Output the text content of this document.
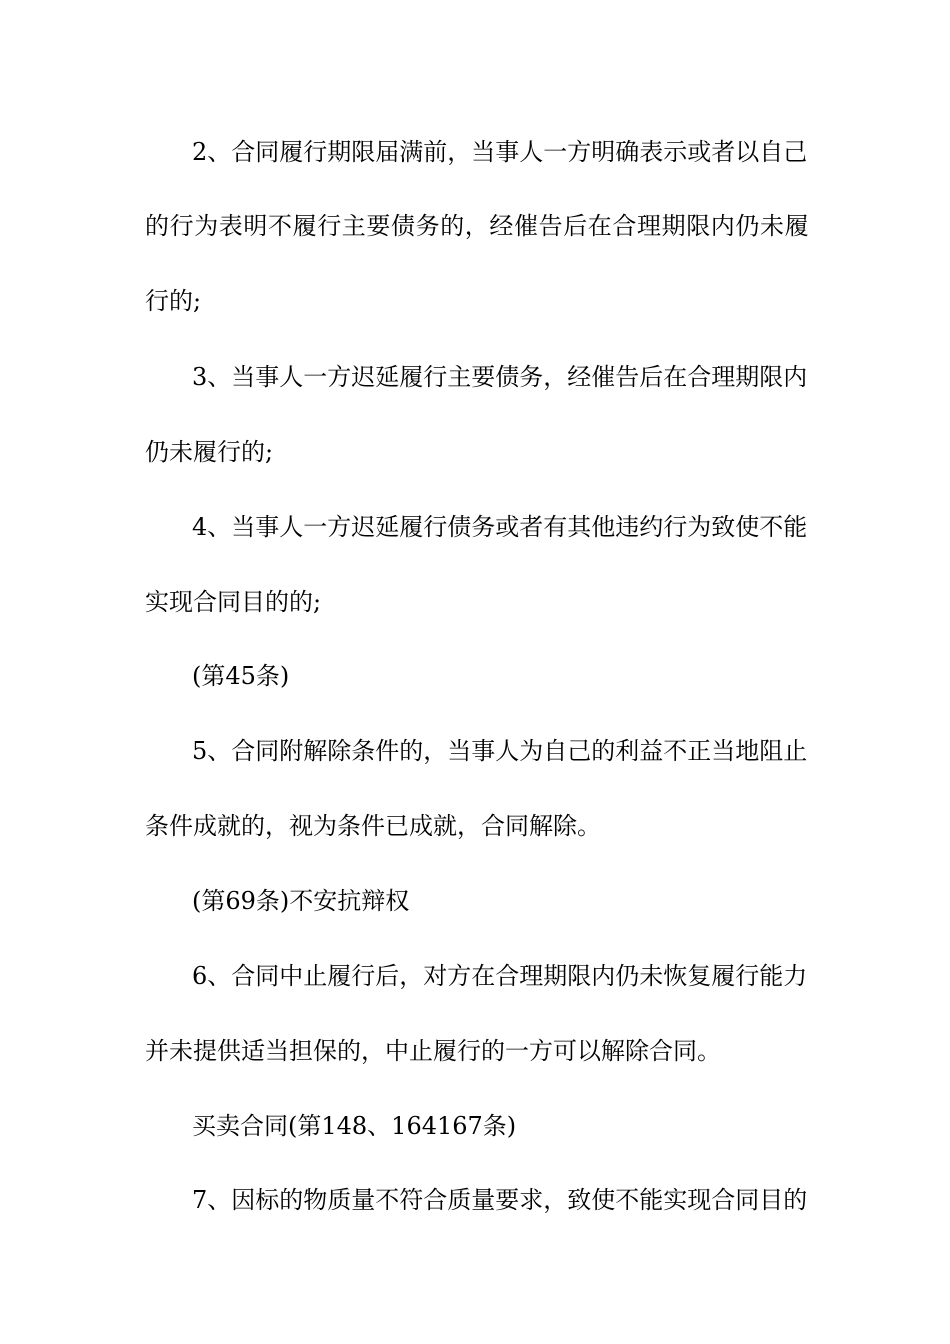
2、合同履行期限届满前，当事人一方明确表示或者以自己
的行为表明不履行主要债务的，经催告后在合理期限内仍未履
行的;
3、当事人一方迟延履行主要债务，经催告后在合理期限内
仍未履行的;
4、当事人一方迟延履行债务或者有其他违约行为致使不能
实现合同目的的;
(第45条)
5、合同附解除条件的，当事人为自己的利益不正当地阻止
条件成就的，视为条件已成就，合同解除。
(第69条)不安抗辩权
6、合同中止履行后，对方在合理期限内仍未恢复履行能力
并未提供适当担保的，中止履行的一方可以解除合同。
买卖合同(第148、164167条)
7、因标的物质量不符合质量要求，致使不能实现合同目的
